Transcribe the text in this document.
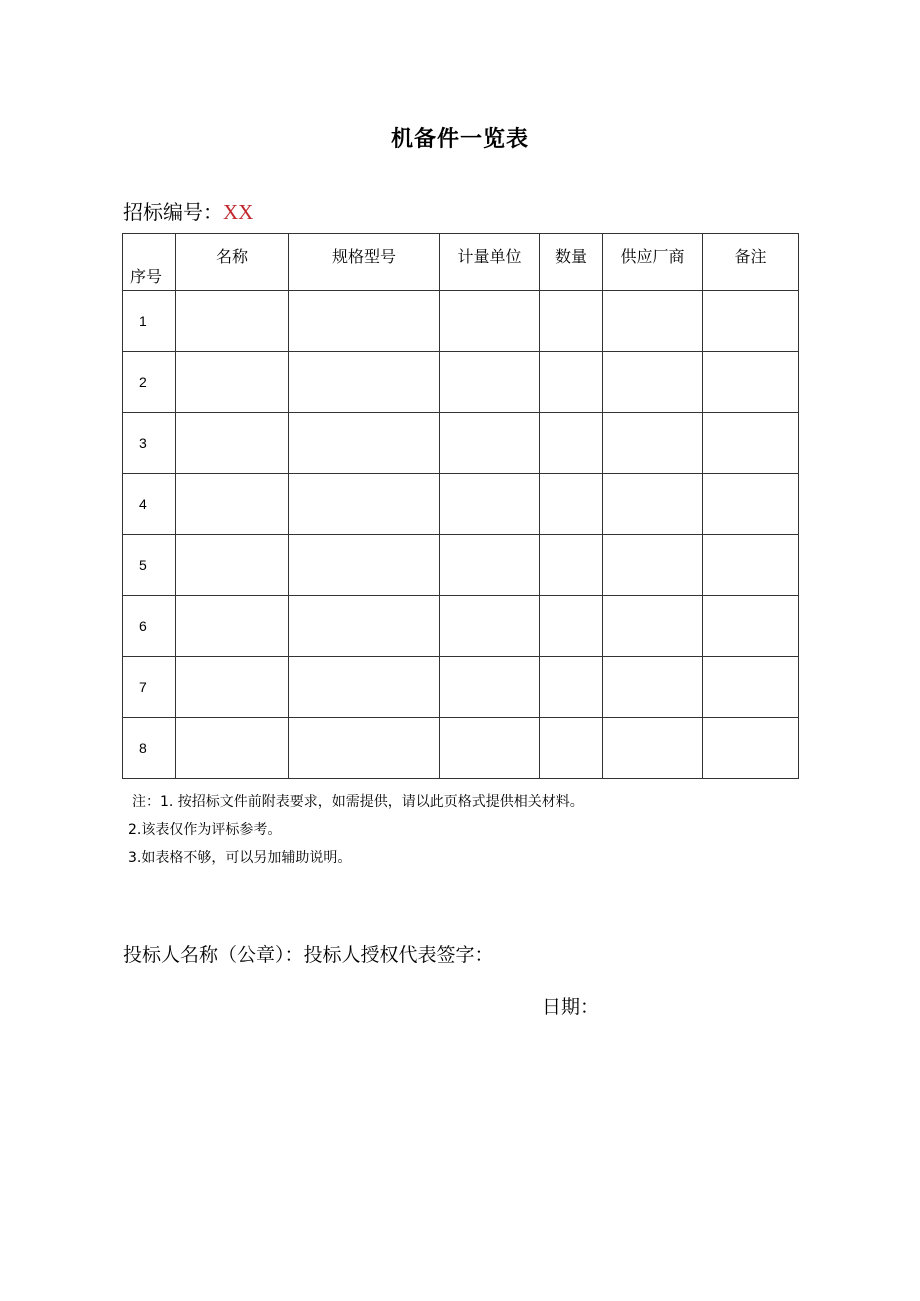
机备件一览表
招标编号：XX
序号	名称	规格型号	计量单位	数量	供应厂商	备注

1						
2						
3						
4						
5						
6						
7						
8						
注：1. 按招标文件前附表要求，如需提供，请以此页格式提供相关材料。
2.该表仅作为评标参考。
3.如表格不够，可以另加辅助说明。
投标人名称（公章）：投标人授权代表签字：
日期：
